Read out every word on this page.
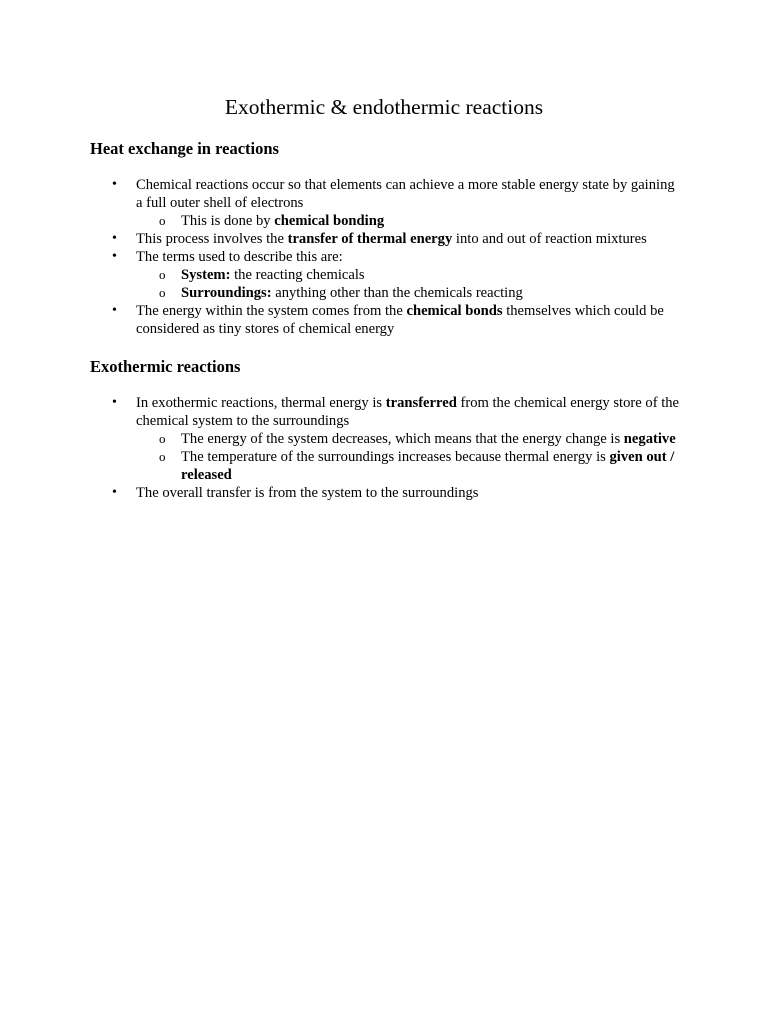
Exothermic & endothermic reactions
Heat exchange in reactions
• Chemical reactions occur so that elements can achieve a more stable energy state by gaining a full outer shell of electrons
o This is done by chemical bonding
• This process involves the transfer of thermal energy into and out of reaction mixtures
• The terms used to describe this are:
o System: the reacting chemicals
o Surroundings: anything other than the chemicals reacting
• The energy within the system comes from the chemical bonds themselves which could be considered as tiny stores of chemical energy
Exothermic reactions
• In exothermic reactions, thermal energy is transferred from the chemical energy store of the chemical system to the surroundings
o The energy of the system decreases, which means that the energy change is negative
o The temperature of the surroundings increases because thermal energy is given out / released
• The overall transfer is from the system to the surroundings
